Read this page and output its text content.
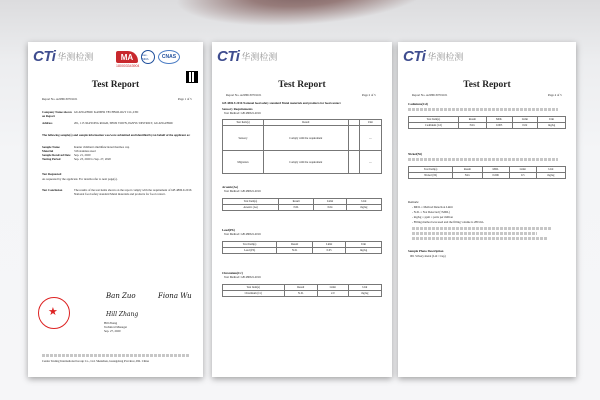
CTi 华测检测	MA	ilac-MRA	CNAS
180003343904
Test Report
Report No. A2280130701101	Page 1 of 5
Company Name shown on Report
GUANGZHOU KANIER TECHNOLOGY CO.,LTD
Address	201, 115 XIAYONG ROAD, SHIZI TOWN, PANYU DISTRICT, GUANGZHOU
The following sample(s) and sample information was/were submitted and identified by/on behalf of the applicant as:
Sample Name	Kanier children's multifunctional thermos cup
Material	316 stainless steel
Sample Received Date	Sep. 21, 2020
Testing Period	Sep. 23, 2020 to Sep. 27, 2020
Test Requested
As requested by the applicant. For details refer to next page(s).
Test Conclusion	The results of the test items shown on the report comply with the requirement of GB 4806.9-2016 National food safety standard Metal materials and products for food contact.
Ban Zuo	Fiona Wu
★
Hill Zhang
Hill Zhang
Technical Manager
Sep. 27, 2020
Centre Testing International Group Co., Ltd. Shenzhen, Guangdong Province, P.R. China
CTi 华测检测
Test Report
Report No. A2280130701101	Page 2 of 5
GB 4806.9-2016 National food safety standard Metal materials and products for food contact
Sensory Requirements
Test Method: GB 4806.9-2016
Test Item(s)	Result		Unit
Sensory	Comply with the requirement		—
Migration	Comply with the requirement		—
Arsenic(As)
Test Method: GB 4806.9-2016
Test Item(s)	Result	Limit	Unit
Arsenic (As)	N.D.	0.04	mg/kg
Lead(Pb)
Test Method: GB 4806.9-2016
Test Item(s)	Result	Limit	Unit
Lead (Pb)	N.D.	0.05	mg/kg
Chromium(Cr)
Test Method: GB 4806.9-2016
Test Item(s)	Result	Limit	Unit
Chromium (Cr)	N.D.	2.0	mg/kg
CTi 华测检测
Test Report
Report No. A2280130701101	Page 4 of 5
Cadmium(Cd)
Test Item(s)	Result	MDL	Limit	Unit
Cadmium (Cd)	N.D.	0.005	0.02	mg/kg
Nickel(Ni)
Test Item(s)	Result	MDL	Limit	Unit
Nickel (Ni)	N.D.	0.006	0.5	mg/kg
Remark:
- MDL = Method Detection Limit
- N.D. = Not Detected (<MDL)
- mg/kg = ppm = parts per million
- Filling method was used and the filling volume is 280 mL.
Sample Photo Description
001 Silvery metal (Lid / Cup)
